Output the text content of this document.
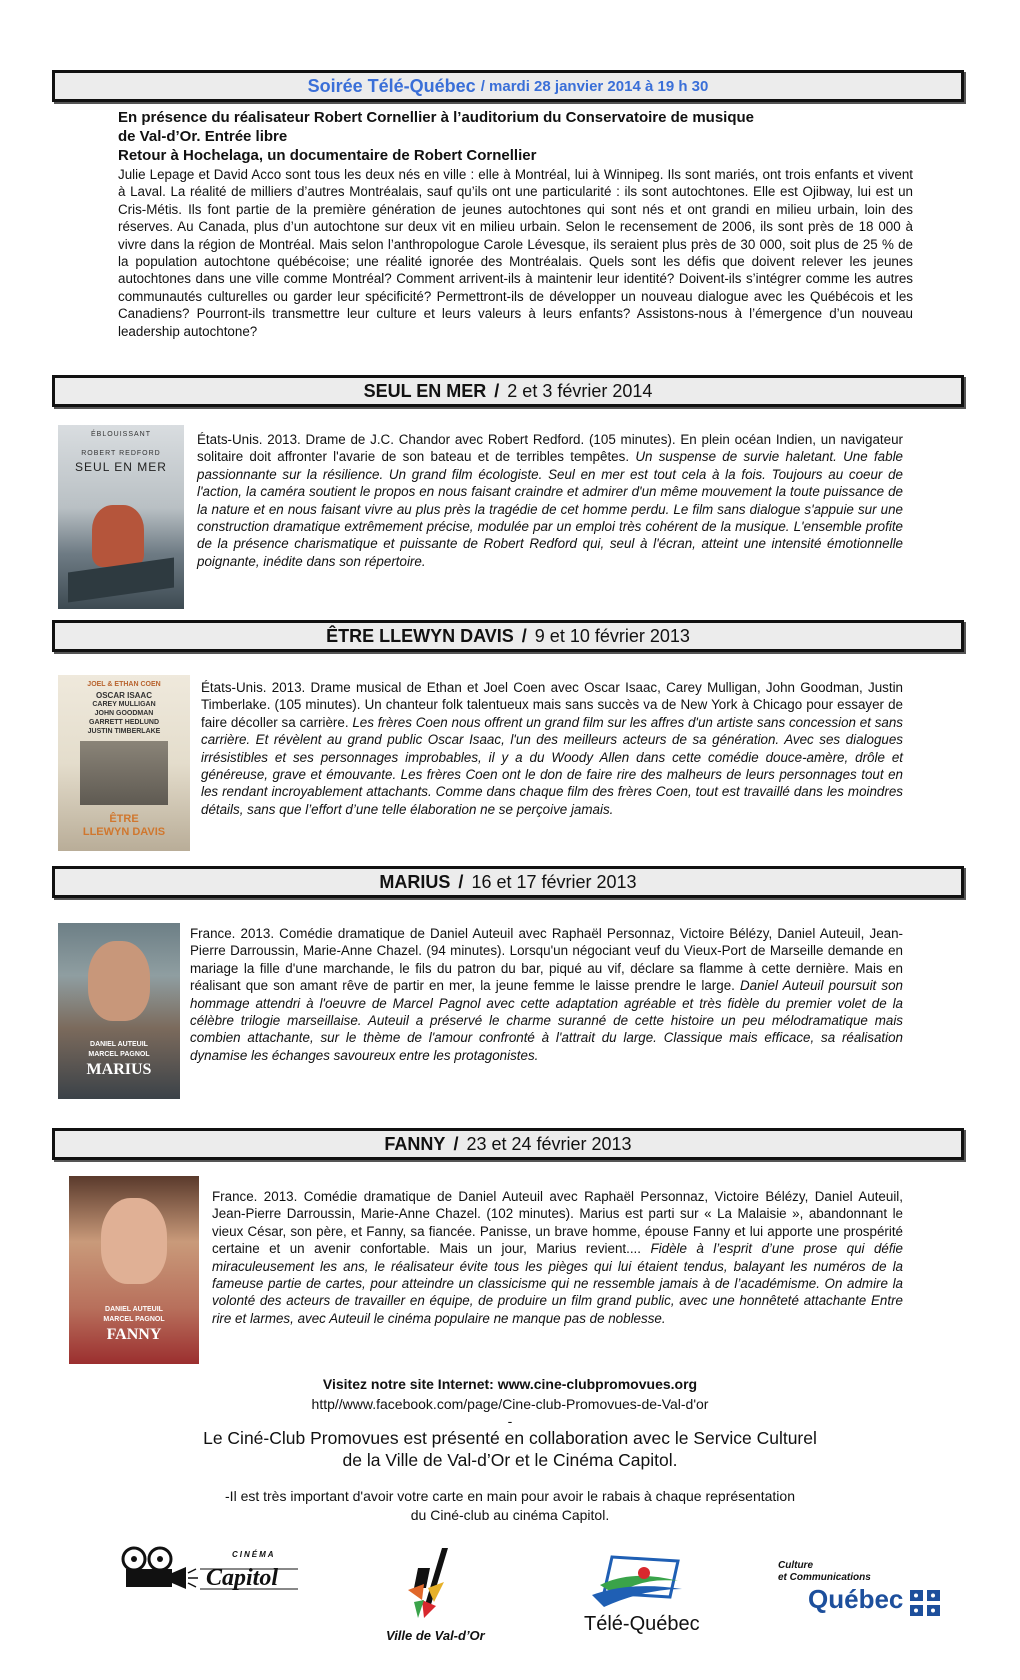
Soirée Télé-Québec / mardi 28 janvier 2014 à 19 h 30
En présence du réalisateur Robert Cornellier à l’auditorium du Conservatoire de musique
de Val-d’Or. Entrée libre
Retour à Hochelaga, un documentaire de Robert Cornellier
Julie Lepage et David Acco sont tous les deux nés en ville : elle à Montréal, lui à Winnipeg. Ils sont mariés, ont trois enfants et vivent à Laval. La réalité de milliers d’autres Montréalais, sauf qu’ils ont une particularité : ils sont autochtones. Elle est Ojibway, lui est un Cris-Métis. Ils font partie de la première génération de jeunes autochtones qui sont nés et ont grandi en milieu urbain, loin des réserves. Au Canada, plus d’un autochtone sur deux vit en milieu urbain. Selon le recensement de 2006, ils sont près de 18 000 à vivre dans la région de Montréal. Mais selon l’anthropologue Carole Lévesque, ils seraient plus près de 30 000, soit plus de 25 % de la population autochtone québécoise; une réalité ignorée des Montréalais. Quels sont les défis que doivent relever les jeunes autochtones dans une ville comme Montréal? Comment arrivent-ils à maintenir leur identité? Doivent-ils s’intégrer comme les autres communautés culturelles ou garder leur spécificité? Permettront-ils de développer un nouveau dialogue avec les Québécois et les Canadiens? Pourront-ils transmettre leur culture et leurs valeurs à leurs enfants? Assistons-nous à l’émergence d’un nouveau leadership autochtone?
SEUL EN MER / 2 et 3 février 2014
ÉBLOUISSANT
ROBERT REDFORD
SEUL EN MER
États-Unis. 2013. Drame de J.C. Chandor avec Robert Redford. (105 minutes). En plein océan Indien, un navigateur solitaire doit affronter l'avarie de son bateau et de terribles tempêtes. Un suspense de survie haletant. Une fable passionnante sur la résilience. Un grand film écologiste. Seul en mer est tout cela à la fois. Toujours au coeur de l'action, la caméra soutient le propos en nous faisant craindre et admirer d'un même mouvement la toute puissance de la nature et en nous faisant vivre au plus près la tragédie de cet homme perdu. Le film sans dialogue s'appuie sur une construction dramatique extrêmement précise, modulée par un emploi très cohérent de la musique. L'ensemble profite de la présence charismatique et puissante de Robert Redford qui, seul à l'écran, atteint une intensité émotionnelle poignante, inédite dans son répertoire.
ÊTRE LLEWYN DAVIS / 9 et 10 février 2013
JOEL & ETHAN COEN
OSCAR ISAAC
CAREY MULLIGAN
JOHN GOODMAN
GARRETT HEDLUND
JUSTIN TIMBERLAKE
ÊTRE
LLEWYN DAVIS
États-Unis. 2013. Drame musical de Ethan et Joel Coen avec Oscar Isaac, Carey Mulligan, John Goodman, Justin Timberlake. (105 minutes). Un chanteur folk talentueux mais sans succès va de New York à Chicago pour essayer de faire décoller sa carrière. Les frères Coen nous offrent un grand film sur les affres d'un artiste sans concession et sans carrière. Et révèlent au grand public Oscar Isaac, l'un des meilleurs acteurs de sa génération. Avec ses dialogues irrésistibles et ses personnages improbables, il y a du Woody Allen dans cette comédie douce-amère, drôle et généreuse, grave et émouvante. Les frères Coen ont le don de faire rire des malheurs de leurs personnages tout en les rendant incroyablement attachants. Comme dans chaque film des frères Coen, tout est travaillé dans les moindres détails, sans que l’effort d’une telle élaboration ne se perçoive jamais.
MARIUS / 16 et 17 février 2013
DANIEL AUTEUIL
MARCEL PAGNOL
MARIUS
France. 2013. Comédie dramatique de Daniel Auteuil avec Raphaël Personnaz, Victoire Bélézy, Daniel Auteuil, Jean-Pierre Darroussin, Marie-Anne Chazel. (94 minutes). Lorsqu'un négociant veuf du Vieux-Port de Marseille demande en mariage la fille d'une marchande, le fils du patron du bar, piqué au vif, déclare sa flamme à cette dernière. Mais en réalisant que son amant rêve de partir en mer, la jeune femme le laisse prendre le large. Daniel Auteuil poursuit son hommage attendri à l'oeuvre de Marcel Pagnol avec cette adaptation agréable et très fidèle du premier volet de la célèbre trilogie marseillaise. Auteuil a préservé le charme suranné de cette histoire un peu mélodramatique mais combien attachante, sur le thème de l'amour confronté à l'attrait du large. Classique mais efficace, sa réalisation dynamise les échanges savoureux entre les protagonistes.
FANNY / 23 et 24 février 2013
DANIEL AUTEUIL
MARCEL PAGNOL
FANNY
France. 2013. Comédie dramatique de Daniel Auteuil avec Raphaël Personnaz, Victoire Bélézy, Daniel Auteuil, Jean-Pierre Darroussin, Marie-Anne Chazel. (102 minutes). Marius est parti sur « La Malaisie », abandonnant le vieux César, son père, et Fanny, sa fiancée. Panisse, un brave homme, épouse Fanny et lui apporte une prospérité certaine et un avenir confortable. Mais un jour, Marius revient.... Fidèle à l’esprit d’une prose qui défie miraculeusement les ans, le réalisateur évite tous les pièges qui lui étaient tendus, balayant les numéros de la fameuse partie de cartes, pour atteindre un classicisme qui ne ressemble jamais à de l’académisme. On admire la volonté des acteurs de travailler en équipe, de produire un film grand public, avec une honnêteté attachante Entre rire et larmes, avec Auteuil le cinéma populaire ne manque pas de noblesse.
Visitez notre site Internet: www.cine-clubpromovues.org
http//www.facebook.com/page/Cine-club-Promovues-de-Val-d'or
-
Le Ciné-Club Promovues est présenté en collaboration avec le Service Culturel
de la Ville de Val-d’Or et le Cinéma Capitol.
-Il est très important d'avoir votre carte en main pour avoir le rabais à chaque représentation
du Ciné-club au cinéma Capitol.
CINÉMA
Capitol
Ville de Val-d’Or
Télé-Québec
Culture
et Communications
Québec
